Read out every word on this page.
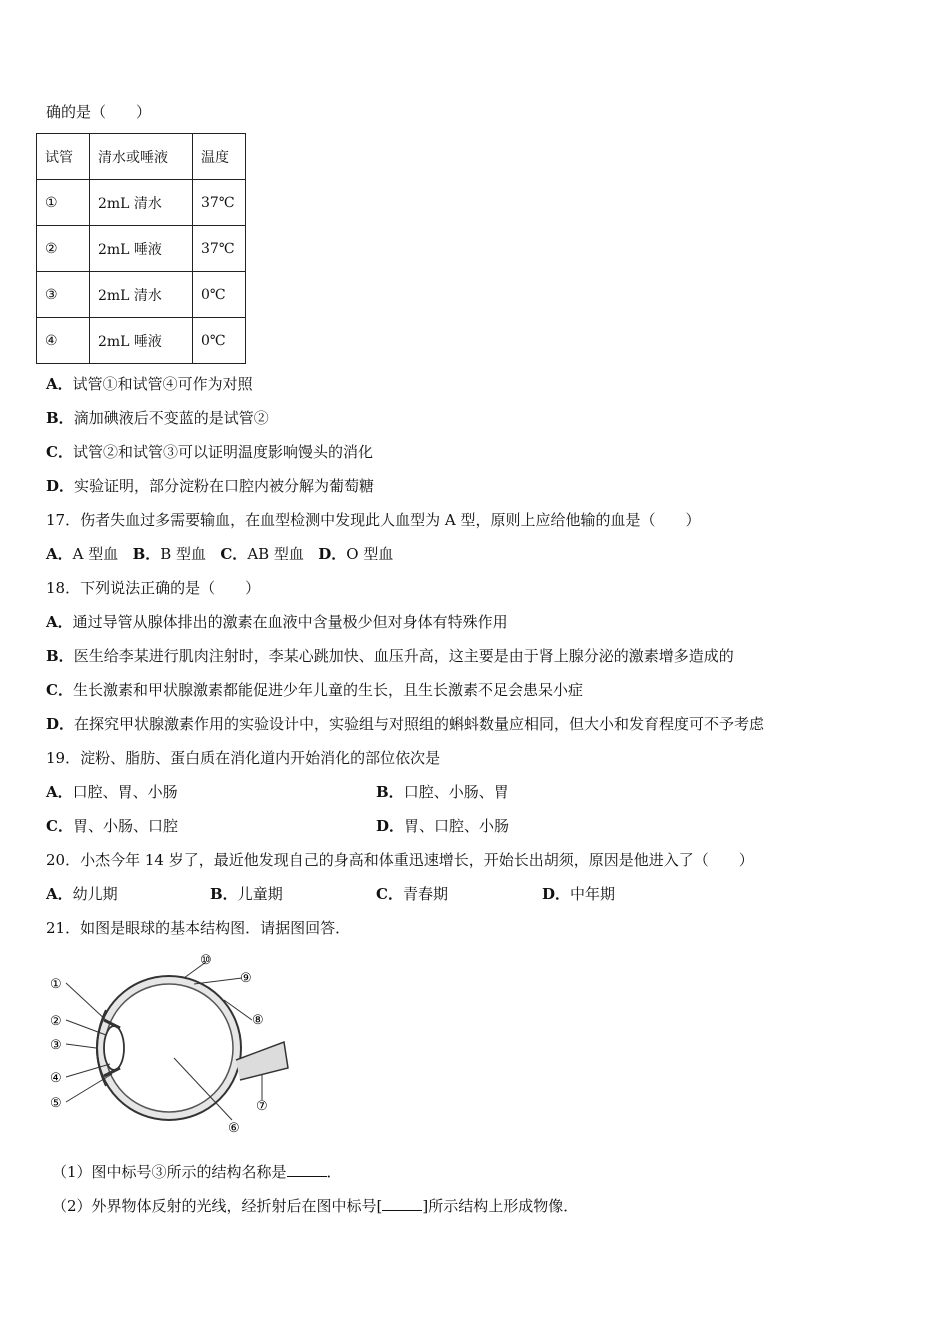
确的是（　　）
试管	清水或唾液	温度
①	2mL 清水	37℃
②	2mL 唾液	37℃
③	2mL 清水	0℃
④	2mL 唾液	0℃
A．试管①和试管④可作为对照
B．滴加碘液后不变蓝的是试管②
C．试管②和试管③可以证明温度影响馒头的消化
D．实验证明，部分淀粉在口腔内被分解为葡萄糖
17．伤者失血过多需要输血，在血型检测中发现此人血型为 A 型，原则上应给他输的血是（　　）
A．A 型血 B．B 型血 C．AB 型血 D．O 型血
18．下列说法正确的是（　　）
A．通过导管从腺体排出的激素在血液中含量极少但对身体有特殊作用
B．医生给李某进行肌肉注射时，李某心跳加快、血压升高，这主要是由于肾上腺分泌的激素增多造成的
C．生长激素和甲状腺激素都能促进少年儿童的生长，且生长激素不足会患呆小症
D．在探究甲状腺激素作用的实验设计中，实验组与对照组的蝌蚪数量应相同，但大小和发育程度可不予考虑
19．淀粉、脂肪、蛋白质在消化道内开始消化的部位依次是
A．口腔、胃、小肠	B．口腔、小肠、胃
C．胃、小肠、口腔	D．胃、口腔、小肠
20．小杰今年 14 岁了，最近他发现自己的身高和体重迅速增长，开始长出胡须，原因是他进入了（　　）
A．幼儿期	B．儿童期	C．青春期	D．中年期
21．如图是眼球的基本结构图．请据图回答．
①
②
③
④
⑤
⑥
⑦
⑧
⑨
⑩
（1）图中标号③所示的结构名称是	．
（2）外界物体反射的光线，经折射后在图中标号[	]所示结构上形成物像．
